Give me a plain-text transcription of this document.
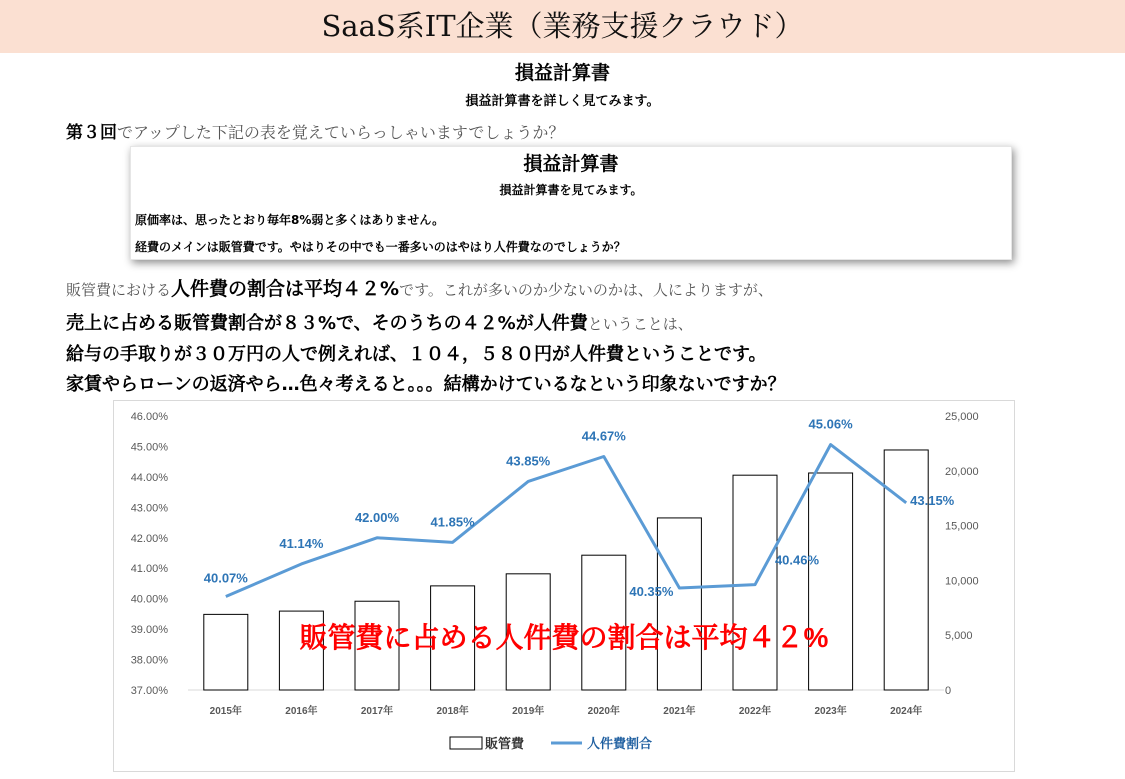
SaaS系IT企業（業務支援クラウド）
損益計算書
損益計算書を詳しく見てみます。
第３回でアップした下記の表を覚えていらっしゃいますでしょうか？
損益計算書
損益計算書を見てみます。
原価率は、思ったとおり毎年8%弱と多くはありません。
経費のメインは販管費です。やはりその中でも一番多いのはやはり人件費なのでしょうか？
販管費における人件費の割合は平均４２%です。これが多いのか少ないのかは、人によりますが、
売上に占める販管費割合が８３%で、そのうちの４２%が人件費ということは、
給与の手取りが３０万円の人で例えれば、１０４，５８０円が人件費ということです。
家賃やらローンの返済やら…色々考えると。。。結構かけているなという印象ないですか？
37.00%
38.00%
39.00%
40.00%
41.00%
42.00%
43.00%
44.00%
45.00%
46.00%
0
5,000
10,000
15,000
20,000
25,000
2015年	2016年	2017年	2018年	2019年	2020年	2021年	2022年	2023年	2024年
40.07%
41.14%
42.00% 41.85%
43.85%
44.67%
40.35%
40.46%
45.06%
43.15%
販管費に占める人件費の割合は平均４２%
販管費	人件費割合
